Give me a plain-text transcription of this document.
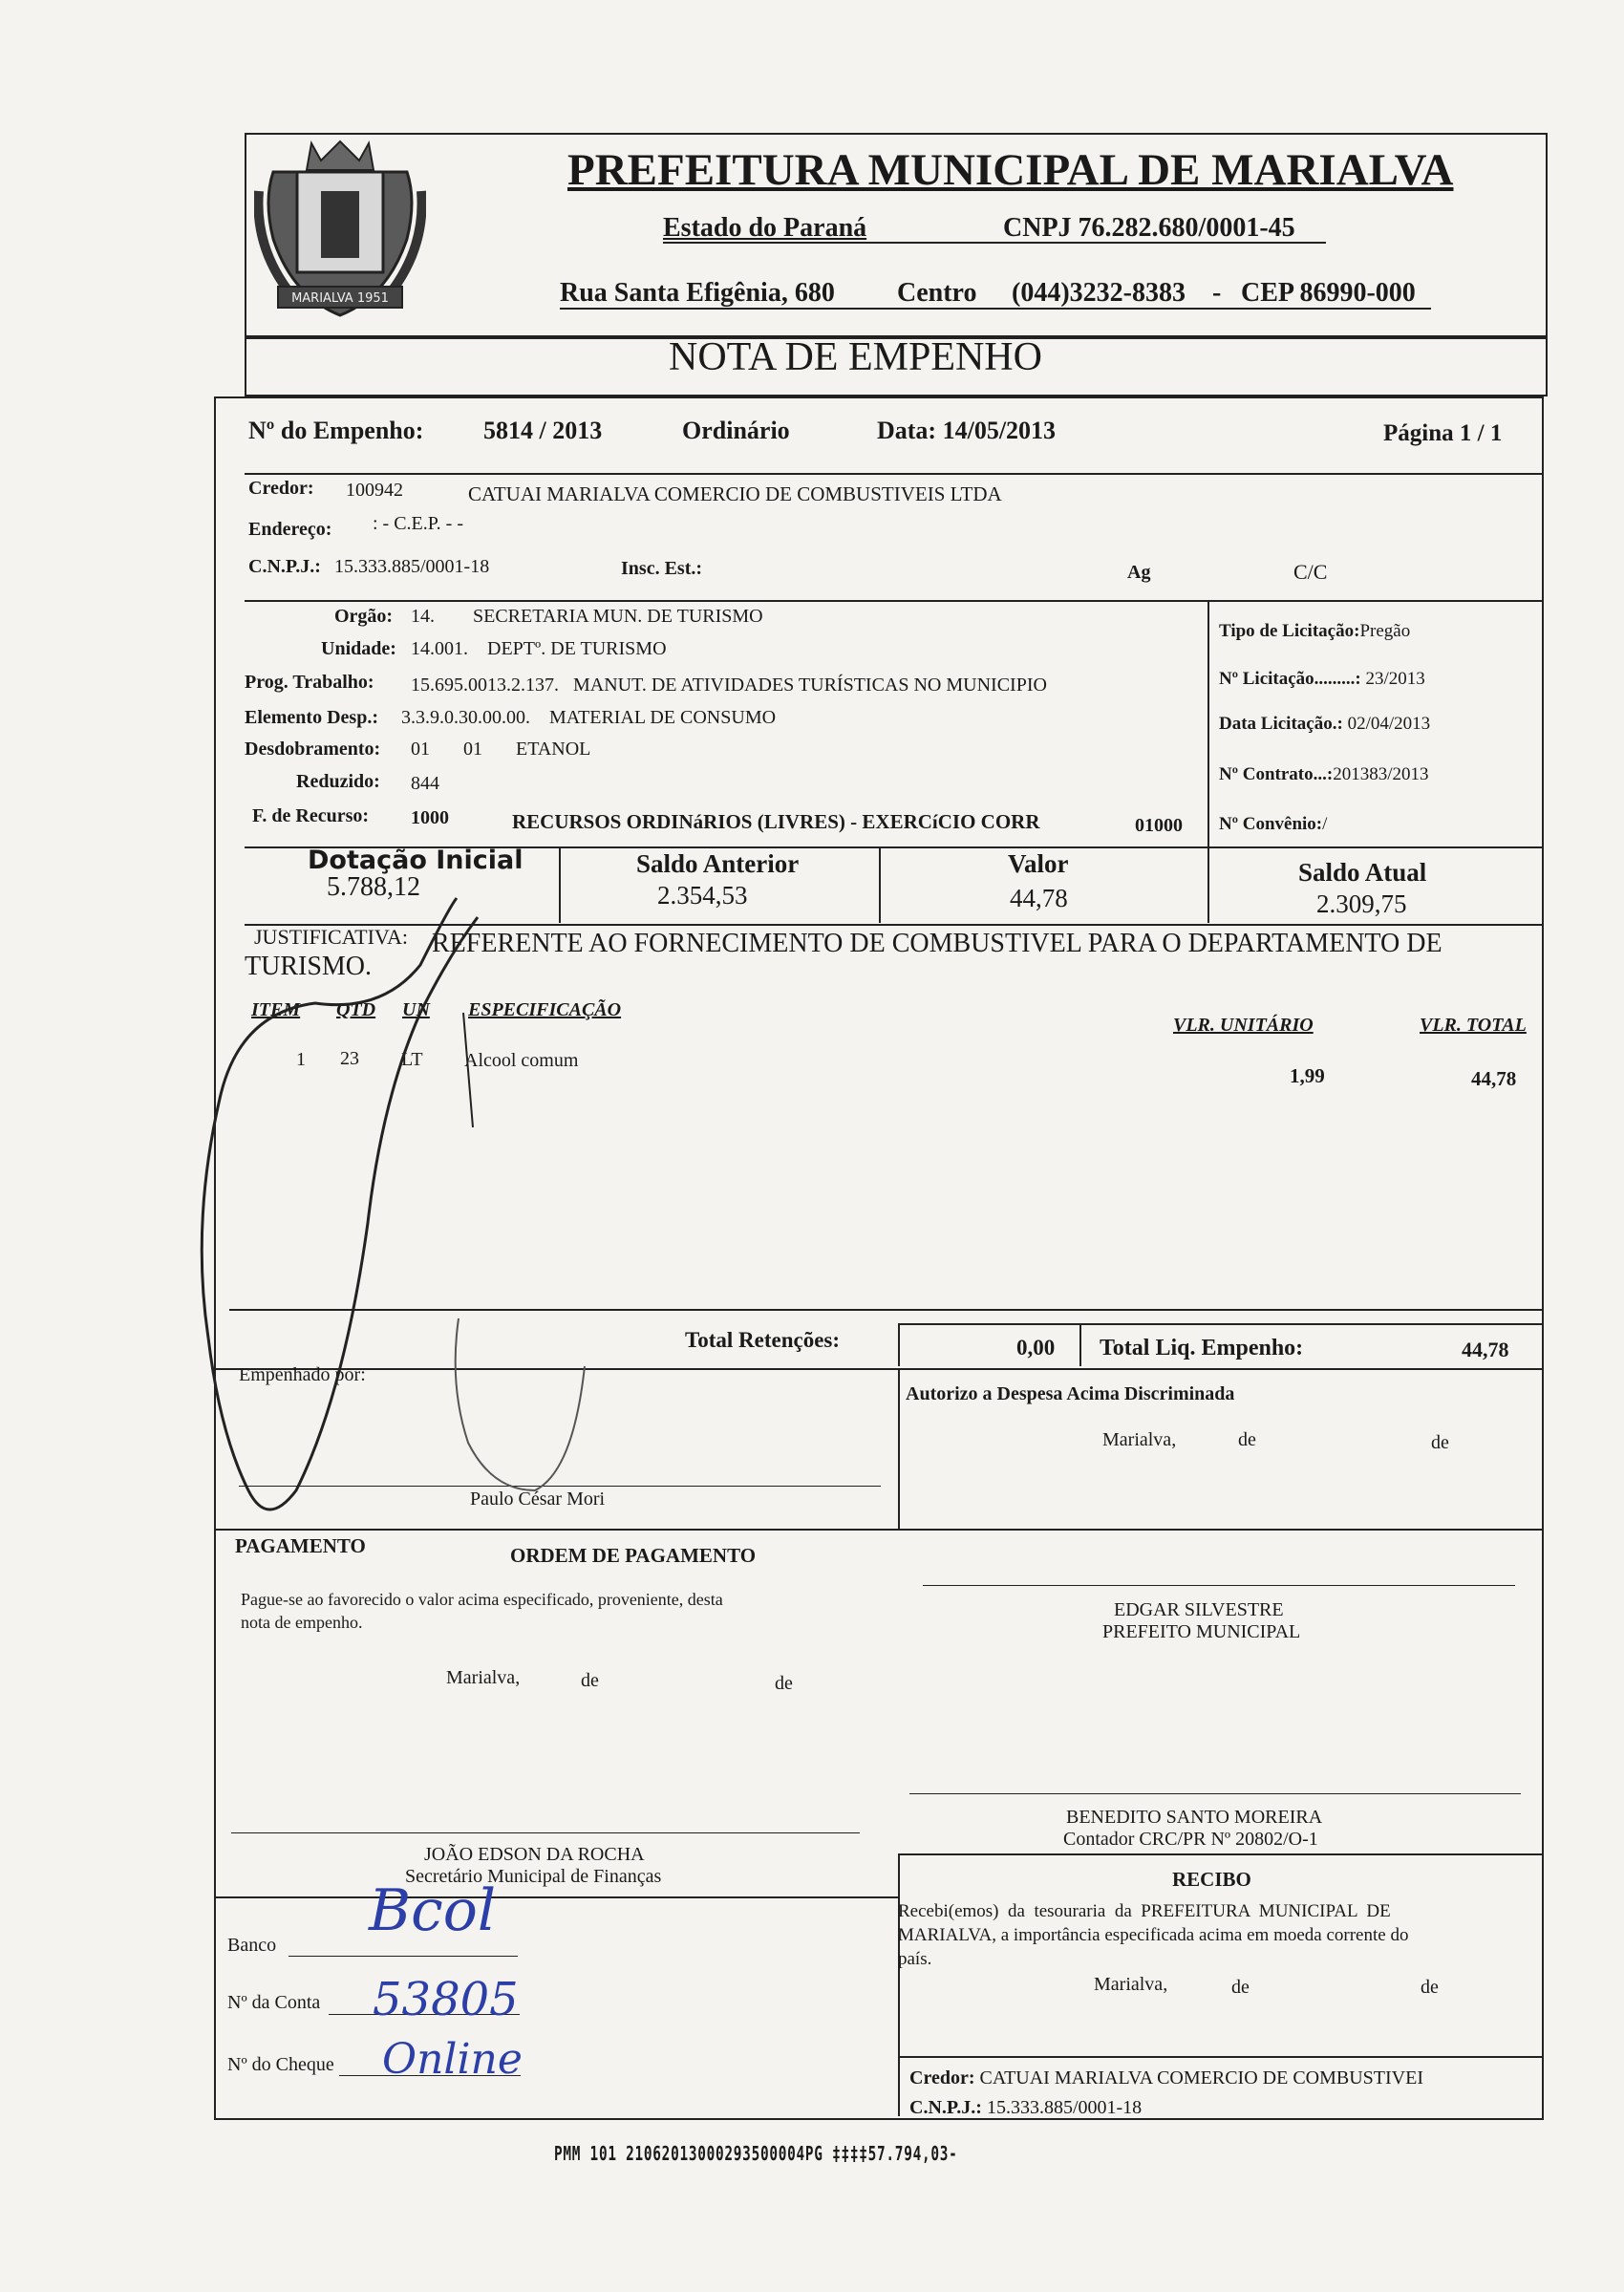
MARIALVA 1951
PREFEITURA MUNICIPAL DE MARIALVA
Estado do Paraná	CNPJ 76.282.680/0001-45
Rua Santa Efigênia, 680 Centro (044)3232-8383 - CEP 86990-000
NOTA DE EMPENHO
Nº do Empenho: 5814 / 2013	Ordinário	Data: 14/05/2013	Página 1 / 1
Credor: 100942	CATUAI MARIALVA COMERCIO DE COMBUSTIVEIS LTDA
Endereço: : - C.E.P. - -
C.N.P.J.: 15.333.885/0001-18	Insc. Est.:	Ag	C/C
Orgão: 14.        SECRETARIA MUN. DE TURISMO
Unidade: 14.001.    DEPTº. DE TURISMO
Prog. Trabalho: 15.695.0013.2.137.   MANUT. DE ATIVIDADES TURÍSTICAS NO MUNICIPIO
Elemento Desp.: 3.3.9.0.30.00.00.    MATERIAL DE CONSUMO
Desdobramento: 01       01       ETANOL
Reduzido: 844
F. de Recurso: 1000	RECURSOS ORDINáRIOS (LIVRES) - EXERCíCIO CORR	01000
Tipo de Licitação:Pregão
Nº Licitação.........: 23/2013
Data Licitação.: 02/04/2013
Nº Contrato...:201383/2013
Nº Convênio:/
Dotação Inicial
5.788,12
Saldo Anterior
2.354,53
Valor
44,78
Saldo Atual
2.309,75
JUSTIFICATIVA: REFERENTE AO FORNECIMENTO DE COMBUSTIVEL PARA O DEPARTAMENTO DE
TURISMO.
ITEM QTD UN ESPECIFICAÇÃO
VLR. UNITÁRIO	VLR. TOTAL
1 23 LT Alcool comum
1,99	44,78
Total Retenções:	0,00 Total Liq. Empenho:	44,78
Empenhado por:
Paulo César Mori
Autorizo a Despesa Acima Discriminada
Marialva,	de	de
PAGAMENTO	ORDEM DE PAGAMENTO
Pague-se ao favorecido o valor acima especificado, proveniente, desta
nota de empenho.
Marialva,	de	de
EDGAR SILVESTRE
PREFEITO MUNICIPAL
BENEDITO SANTO MOREIRA
Contador CRC/PR Nº 20802/O-1
JOÃO EDSON DA ROCHA
Secretário Municipal de Finanças	RECIBO
Recebi(emos)  da  tesouraria  da  PREFEITURA  MUNICIPAL  DE
MARIALVA, a importância especificada acima em moeda corrente do
país.
Marialva,	de	de
Banco
Bcol
Nº da Conta 53805
Nº do Cheque Online	Credor: CATUAI MARIALVA COMERCIO DE COMBUSTIVEI
C.N.P.J.: 15.333.885/0001-18
PMM 101 21062013000293500004PG ‡‡‡‡57.794,03-
